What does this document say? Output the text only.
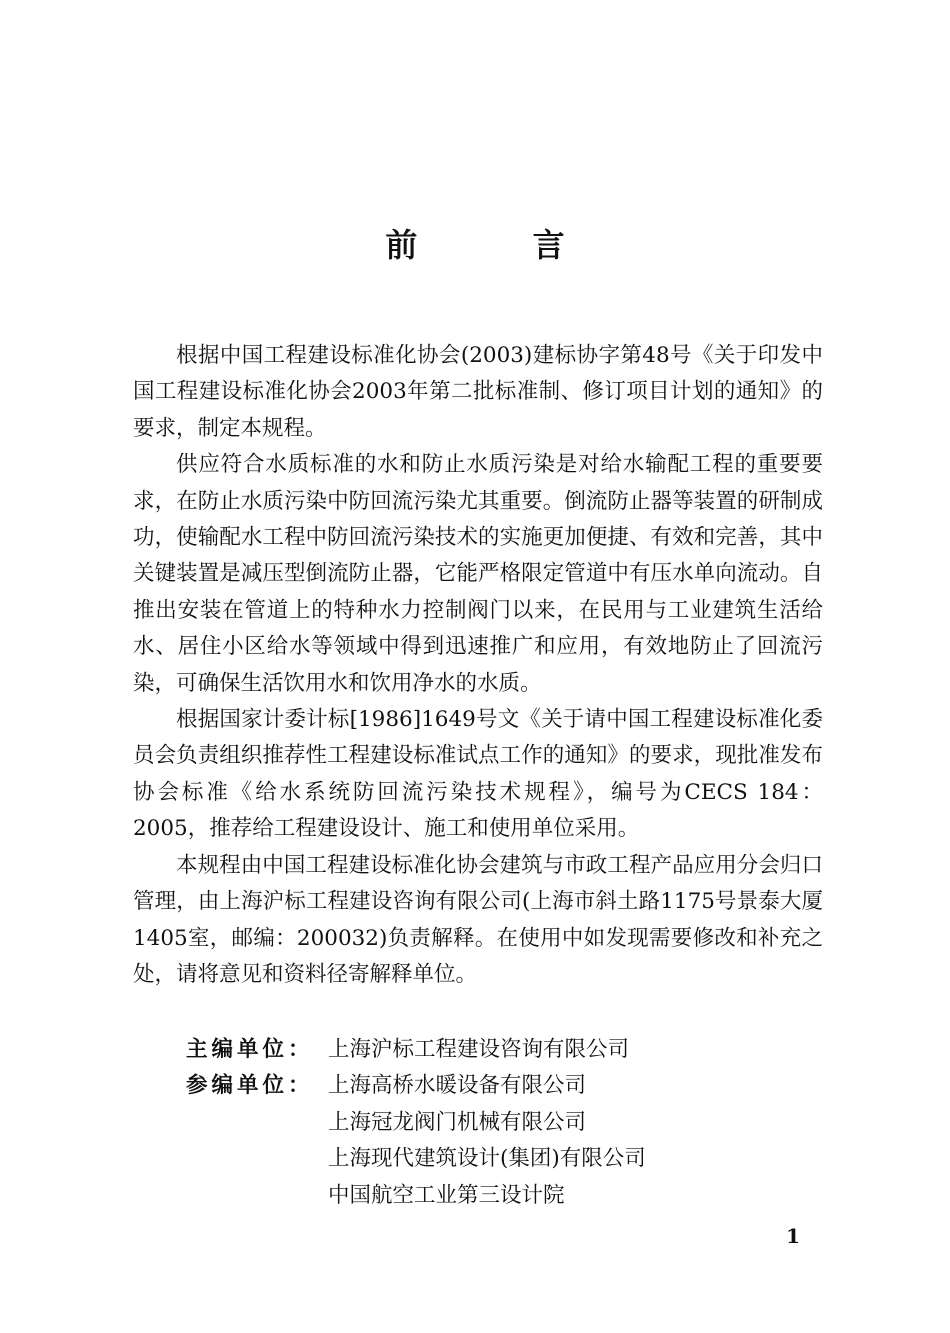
前 言

根据中国工程建设标准化协会(2003)建标协字第48号《关于印发中国工程建设标准化协会2003年第二批标准制、修订项目计划的通知》的要求，制定本规程。

供应符合水质标准的水和防止水质污染是对给水输配工程的重要要求，在防止水质污染中防回流污染尤其重要。倒流防止器等装置的研制成功，使输配水工程中防回流污染技术的实施更加便捷、有效和完善，其中关键装置是减压型倒流防止器，它能严格限定管道中有压水单向流动。自推出安装在管道上的特种水力控制阀门以来，在民用与工业建筑生活给水、居住小区给水等领域中得到迅速推广和应用，有效地防止了回流污染，可确保生活饮用水和饮用净水的水质。

根据国家计委计标[1986]1649号文《关于请中国工程建设标准化委员会负责组织推荐性工程建设标准试点工作的通知》的要求，现批准发布协会标准《给水系统防回流污染技术规程》，编号为CECS 184：2005，推荐给工程建设设计、施工和使用单位采用。

本规程由中国工程建设标准化协会建筑与市政工程产品应用分会归口管理，由上海沪标工程建设咨询有限公司(上海市斜土路1175号景泰大厦1405室，邮编：200032)负责解释。在使用中如发现需要修改和补充之处，请将意见和资料径寄解释单位。

主编单位： 上海沪标工程建设咨询有限公司
参编单位： 上海高桥水暖设备有限公司
上海冠龙阀门机械有限公司
上海现代建筑设计(集团)有限公司
中国航空工业第三设计院
1
